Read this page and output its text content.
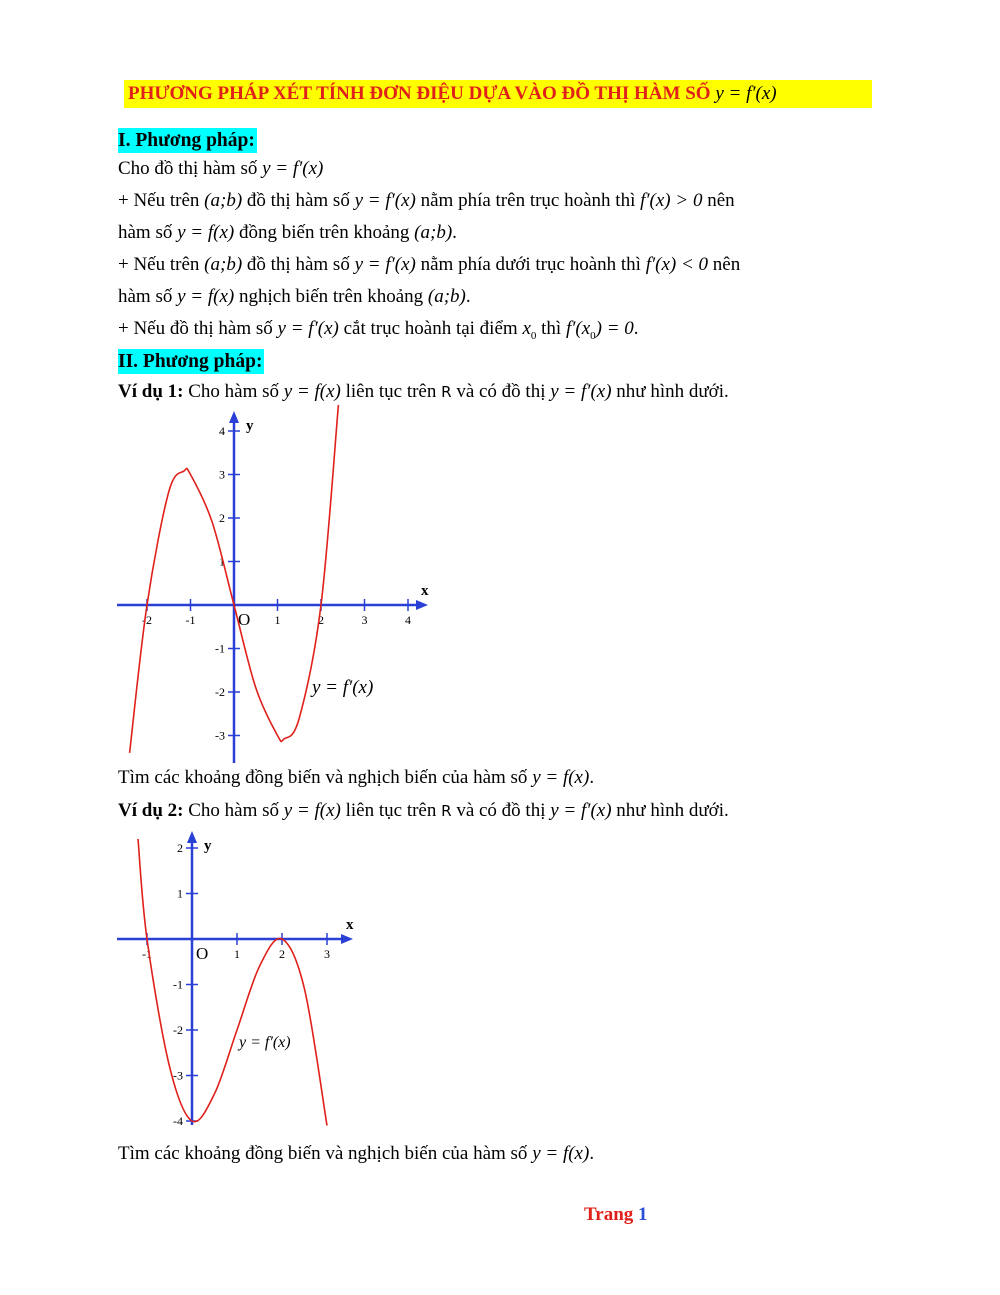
PHƯƠNG PHÁP XÉT TÍNH ĐƠN ĐIỆU DỰA VÀO ĐỒ THỊ HÀM SỐ y = f′(x)
I. Phương pháp:
Cho đồ thị hàm số y = f′(x)
+ Nếu trên (a;b) đồ thị hàm số y = f′(x) nằm phía trên trục hoành thì f′(x) > 0 nên
hàm số y = f(x) đồng biến trên khoảng (a;b).
+ Nếu trên (a;b) đồ thị hàm số y = f′(x) nằm phía dưới trục hoành thì f′(x) < 0 nên
hàm số y = f(x) nghịch biến trên khoảng (a;b).
+ Nếu đồ thị hàm số y = f′(x) cắt trục hoành tại điểm $x_0$ thì $f'(x_0) = 0$.
II. Phương pháp:
Ví dụ 1: Cho hàm số y = f(x) liên tục trên R và có đồ thị y = f′(x) như hình dưới.
-2	-1	1	2	3	4
-3
-2
-1
1
2
3
4
x
y
O
y = f′(x)
Tìm các khoảng đồng biến và nghịch biến của hàm số y = f(x).
Ví dụ 2: Cho hàm số y = f(x) liên tục trên R và có đồ thị y = f′(x) như hình dưới.
-1	1	2	3
-4
-3
-2
-1
1
2
x
y
O
y = f′(x)
Tìm các khoảng đồng biến và nghịch biến của hàm số y = f(x).
Trang 1
